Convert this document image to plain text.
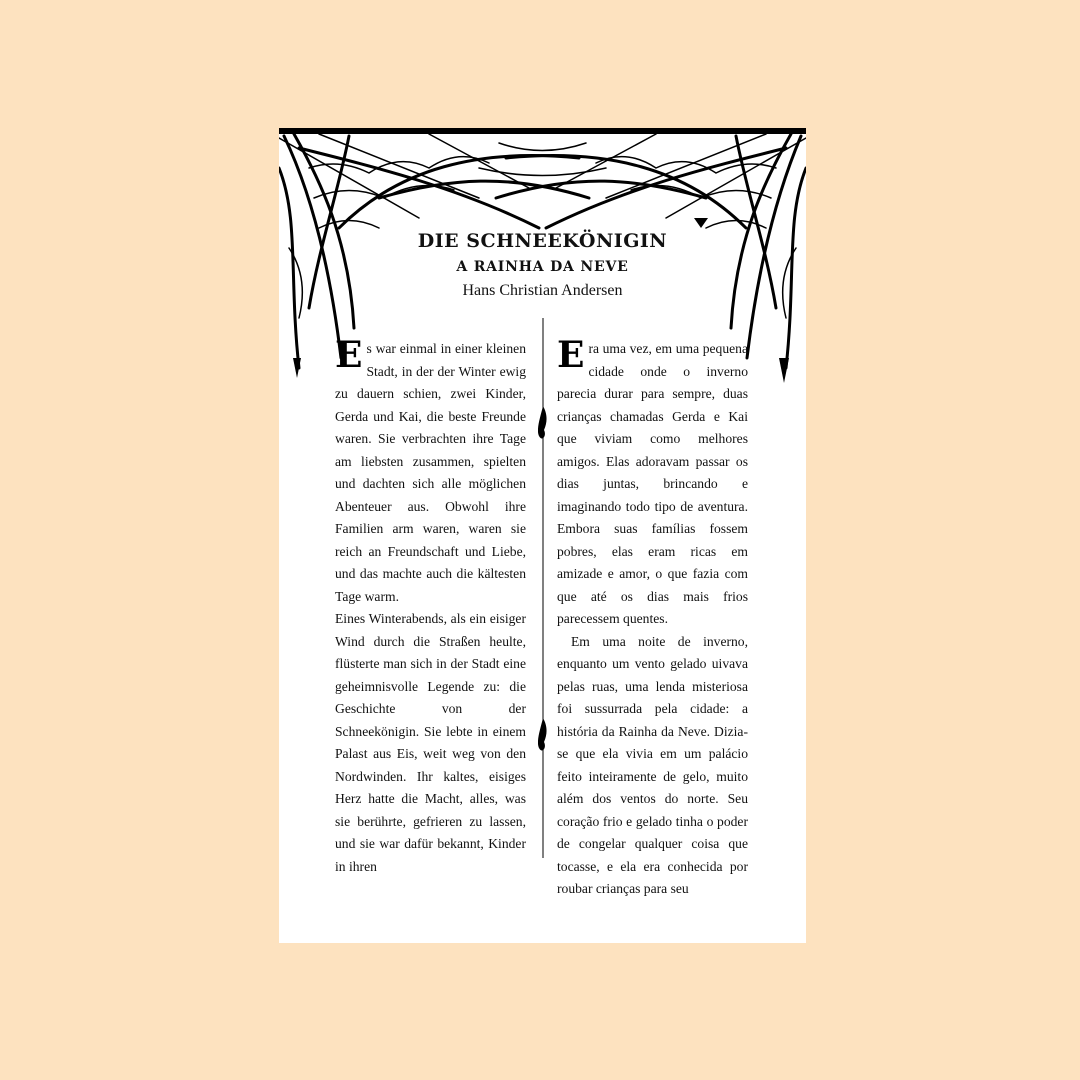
DIE SCHNEEKÖNIGIN
A RAINHA DA NEVE
Hans Christian Andersen

Es war einmal in einer kleinen Stadt, in der der Winter ewig zu dauern schien, zwei Kinder, Gerda und Kai, die beste Freunde waren. Sie verbrachten ihre Tage am liebsten zusammen, spielten und dachten sich alle möglichen Abenteuer aus. Obwohl ihre Familien arm waren, waren sie reich an Freundschaft und Liebe, und das machte auch die kältesten Tage warm.

Eines Winterabends, als ein eisiger Wind durch die Straßen heulte, flüsterte man sich in der Stadt eine geheimnisvolle Legende zu: die Geschichte von der Schneekönigin. Sie lebte in einem Palast aus Eis, weit weg von den Nordwinden. Ihr kaltes, eisiges Herz hatte die Macht, alles, was sie berührte, gefrieren zu lassen, und sie war dafür bekannt, Kinder in ihren

Era uma vez, em uma pequena cidade onde o inverno parecia durar para sempre, duas crianças chamadas Gerda e Kai que viviam como melhores amigos. Elas adoravam passar os dias juntas, brincando e imaginando todo tipo de aventura. Embora suas famílias fossem pobres, elas eram ricas em amizade e amor, o que fazia com que até os dias mais frios parecessem quentes.

Em uma noite de inverno, enquanto um vento gelado uivava pelas ruas, uma lenda misteriosa foi sussurrada pela cidade: a história da Rainha da Neve. Dizia-se que ela vivia em um palácio feito inteiramente de gelo, muito além dos ventos do norte. Seu coração frio e gelado tinha o poder de congelar qualquer coisa que tocasse, e ela era conhecida por roubar crianças para seu
